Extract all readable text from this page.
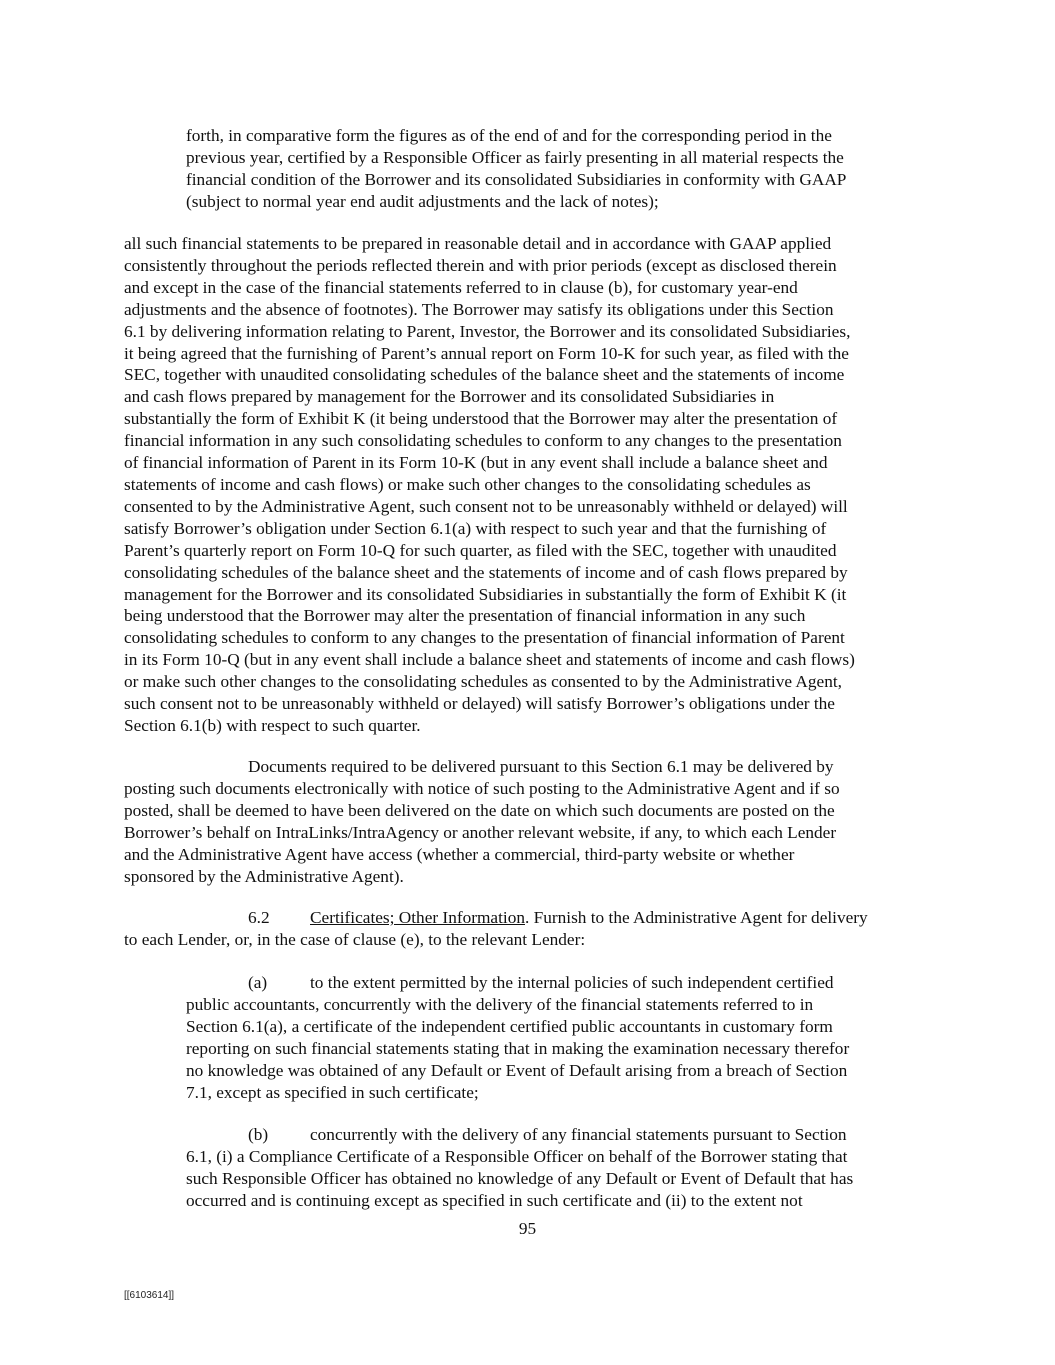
forth, in comparative form the figures as of the end of and for the corresponding period in the
previous year, certified by a Responsible Officer as fairly presenting in all material respects the
financial condition of the Borrower and its consolidated Subsidiaries in conformity with GAAP
(subject to normal year end audit adjustments and the lack of notes);

all such financial statements to be prepared in reasonable detail and in accordance with GAAP applied
consistently throughout the periods reflected therein and with prior periods (except as disclosed therein
and except in the case of the financial statements referred to in clause (b), for customary year-end
adjustments and the absence of footnotes). The Borrower may satisfy its obligations under this Section
6.1 by delivering information relating to Parent, Investor, the Borrower and its consolidated Subsidiaries,
it being agreed that the furnishing of Parent’s annual report on Form 10-K for such year, as filed with the
SEC, together with unaudited consolidating schedules of the balance sheet and the statements of income
and cash flows prepared by management for the Borrower and its consolidated Subsidiaries in
substantially the form of Exhibit K (it being understood that the Borrower may alter the presentation of
financial information in any such consolidating schedules to conform to any changes to the presentation
of financial information of Parent in its Form 10-K (but in any event shall include a balance sheet and
statements of income and cash flows) or make such other changes to the consolidating schedules as
consented to by the Administrative Agent, such consent not to be unreasonably withheld or delayed) will
satisfy Borrower’s obligation under Section 6.1(a) with respect to such year and that the furnishing of
Parent’s quarterly report on Form 10-Q for such quarter, as filed with the SEC, together with unaudited
consolidating schedules of the balance sheet and the statements of income and of cash flows prepared by
management for the Borrower and its consolidated Subsidiaries in substantially the form of Exhibit K (it
being understood that the Borrower may alter the presentation of financial information in any such
consolidating schedules to conform to any changes to the presentation of financial information of Parent
in its Form 10-Q (but in any event shall include a balance sheet and statements of income and cash flows)
or make such other changes to the consolidating schedules as consented to by the Administrative Agent,
such consent not to be unreasonably withheld or delayed) will satisfy Borrower’s obligations under the
Section 6.1(b) with respect to such quarter.

Documents required to be delivered pursuant to this Section 6.1 may be delivered by
posting such documents electronically with notice of such posting to the Administrative Agent and if so
posted, shall be deemed to have been delivered on the date on which such documents are posted on the
Borrower’s behalf on IntraLinks/IntraAgency or another relevant website, if any, to which each Lender
and the Administrative Agent have access (whether a commercial, third-party website or whether
sponsored by the Administrative Agent).

6.2 Certificates; Other Information. Furnish to the Administrative Agent for delivery
to each Lender, or, in the case of clause (e), to the relevant Lender:

(a) to the extent permitted by the internal policies of such independent certified
public accountants, concurrently with the delivery of the financial statements referred to in
Section 6.1(a), a certificate of the independent certified public accountants in customary form
reporting on such financial statements stating that in making the examination necessary therefor
no knowledge was obtained of any Default or Event of Default arising from a breach of Section
7.1, except as specified in such certificate;

(b) concurrently with the delivery of any financial statements pursuant to Section
6.1, (i) a Compliance Certificate of a Responsible Officer on behalf of the Borrower stating that
such Responsible Officer has obtained no knowledge of any Default or Event of Default that has
occurred and is continuing except as specified in such certificate and (ii) to the extent not

95
[[6103614]]
